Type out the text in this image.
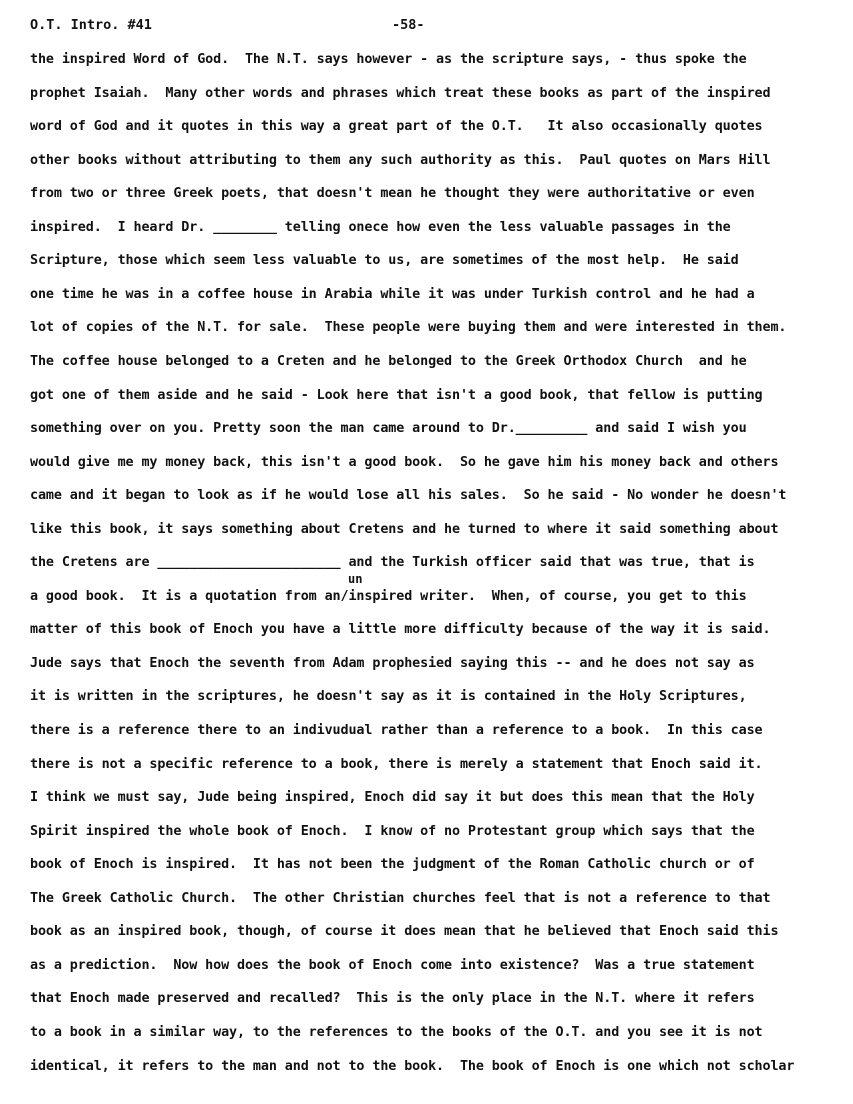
O.T. Intro. #41	-58-
the inspired Word of God.  The N.T. says however - as the scripture says, - thus spoke the
prophet Isaiah.  Many other words and phrases which treat these books as part of the inspired
word of God and it quotes in this way a great part of the O.T.   It also occasionally quotes
other books without attributing to them any such authority as this.  Paul quotes on Mars Hill
from two or three Greek poets, that doesn't mean he thought they were authoritative or even
inspired.  I heard Dr. ________ telling onece how even the less valuable passages in the
Scripture, those which seem less valuable to us, are sometimes of the most help.  He said
one time he was in a coffee house in Arabia while it was under Turkish control and he had a
lot of copies of the N.T. for sale.  These people were buying them and were interested in them.
The coffee house belonged to a Creten and he belonged to the Greek Orthodox Church  and he
got one of them aside and he said - Look here that isn't a good book, that fellow is putting
something over on you. Pretty soon the man came around to Dr._________ and said I wish you
would give me my money back, this isn't a good book.  So he gave him his money back and others
came and it began to look as if he would lose all his sales.  So he said - No wonder he doesn't
like this book, it says something about Cretens and he turned to where it said something about
the Cretens are _______________________ and the Turkish officer said that was true, that is
a good book.  It is a quotation from an/inspired writer.  When, of course, you get to this
matter of this book of Enoch you have a little more difficulty because of the way it is said.
Jude says that Enoch the seventh from Adam prophesied saying this -- and he does not say as
it is written in the scriptures, he doesn't say as it is contained in the Holy Scriptures,
there is a reference there to an indivudual rather than a reference to a book.  In this case
there is not a specific reference to a book, there is merely a statement that Enoch said it.
I think we must say, Jude being inspired, Enoch did say it but does this mean that the Holy
Spirit inspired the whole book of Enoch.  I know of no Protestant group which says that the
book of Enoch is inspired.  It has not been the judgment of the Roman Catholic church or of
The Greek Catholic Church.  The other Christian churches feel that is not a reference to that
book as an inspired book, though, of course it does mean that he believed that Enoch said this
as a prediction.  Now how does the book of Enoch come into existence?  Was a true statement
that Enoch made preserved and recalled?  This is the only place in the N.T. where it refers
to a book in a similar way, to the references to the books of the O.T. and you see it is not
identical, it refers to the man and not to the book.  The book of Enoch is one which not scholar
un
